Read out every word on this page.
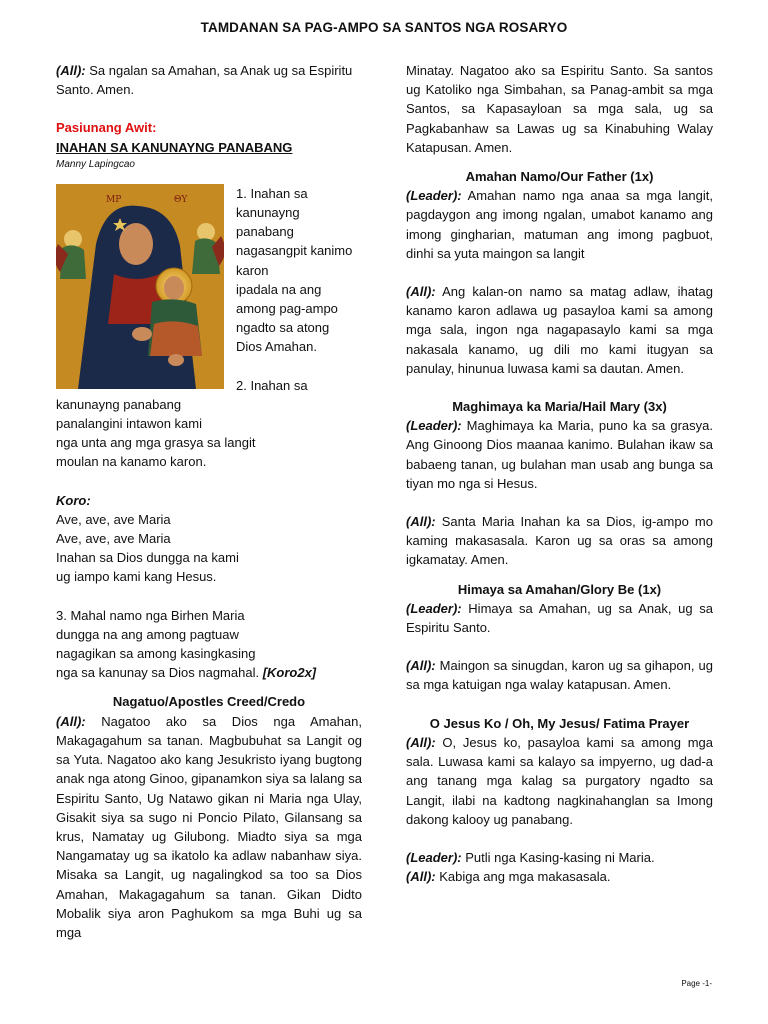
TAMDANAN SA PAG-AMPO SA SANTOS NGA ROSARYO

(All): Sa ngalan sa Amahan, sa Anak ug sa Espiritu Santo. Amen.

Pasiunang Awit:

INAHAN SA KANUNAYNG PANABANG

Manny Lapingcao

MP	ΘY	1. Inahan sa

kanunayng

panabang

nagasangpit kanimo

karon

ipadala na ang

among pag-ampo

ngadto sa atong

Dios Amahan.

2. Inahan sa

kanunayng panabang

panalangini intawon kami

nga unta ang mga grasya sa langit

moulan na kanamo karon.

Koro:

Ave, ave, ave Maria

Ave, ave, ave Maria

Inahan sa Dios dungga na kami

ug iampo kami kang Hesus.

3. Mahal namo nga Birhen Maria

dungga na ang among pagtuaw

nagagikan sa among kasingkasing

nga sa kanunay sa Dios nagmahal. [Koro2x]

Nagatuo/Apostles Creed/Credo

(All): Nagatoo ako sa Dios nga Amahan, Makagagahum sa tanan. Magbubuhat sa Langit og sa Yuta. Nagatoo ako kang Jesukristo iyang bugtong anak nga atong Ginoo, gipanamkon siya sa lalang sa Espiritu Santo, Ug Natawo gikan ni Maria nga Ulay, Gisakit siya sa sugo ni Poncio Pilato, Gilansang sa krus, Namatay ug Gilubong. Miadto siya sa mga Nangamatay ug sa ikatolo ka adlaw nabanhaw siya. Misaka sa Langit, ug nagalingkod sa too sa Dios Amahan, Makagagahum sa tanan. Gikan Didto Mobalik siya aron Paghukom sa mga Buhi ug sa mga

Minatay. Nagatoo ako sa Espiritu Santo. Sa santos ug Katoliko nga Simbahan, sa Panag-ambit sa mga Santos, sa Kapasayloan sa mga sala, ug sa Pagkabanhaw sa Lawas ug sa Kinabuhing Walay Katapusan. Amen.

Amahan Namo/Our Father (1x)

(Leader): Amahan namo nga anaa sa mga langit, pagdaygon ang imong ngalan, umabot kanamo ang imong gingharian, matuman ang imong pagbuot, dinhi sa yuta maingon sa langit

(All): Ang kalan-on namo sa matag adlaw, ihatag kanamo karon adlawa ug pasayloa kami sa among mga sala, ingon nga nagapasaylo kami sa mga nakasala kanamo, ug dili mo kami itugyan sa panulay, hinunua luwasa kami sa dautan. Amen.

Maghimaya ka Maria/Hail Mary (3x)

(Leader): Maghimaya ka Maria, puno ka sa grasya. Ang Ginoong Dios maanaa kanimo. Bulahan ikaw sa babaeng tanan, ug bulahan man usab ang bunga sa tiyan mo nga si Hesus.

(All): Santa Maria Inahan ka sa Dios, ig-ampo mo kaming makasasala. Karon ug sa oras sa among igkamatay. Amen.

Himaya sa Amahan/Glory Be (1x)

(Leader): Himaya sa Amahan, ug sa Anak, ug sa Espiritu Santo.

(All): Maingon sa sinugdan, karon ug sa gihapon, ug sa mga katuigan nga walay katapusan. Amen.

O Jesus Ko / Oh, My Jesus/ Fatima Prayer

(All): O, Jesus ko, pasayloa kami sa among mga sala. Luwasa kami sa kalayo sa impyerno, ug dad-a ang tanang mga kalag sa purgatory ngadto sa Langit, ilabi na kadtong nagkinahanglan sa Imong dakong kalooy ug panabang.

(Leader): Putli nga Kasing-kasing ni Maria.

(All): Kabiga ang mga makasasala.

Page -1-
